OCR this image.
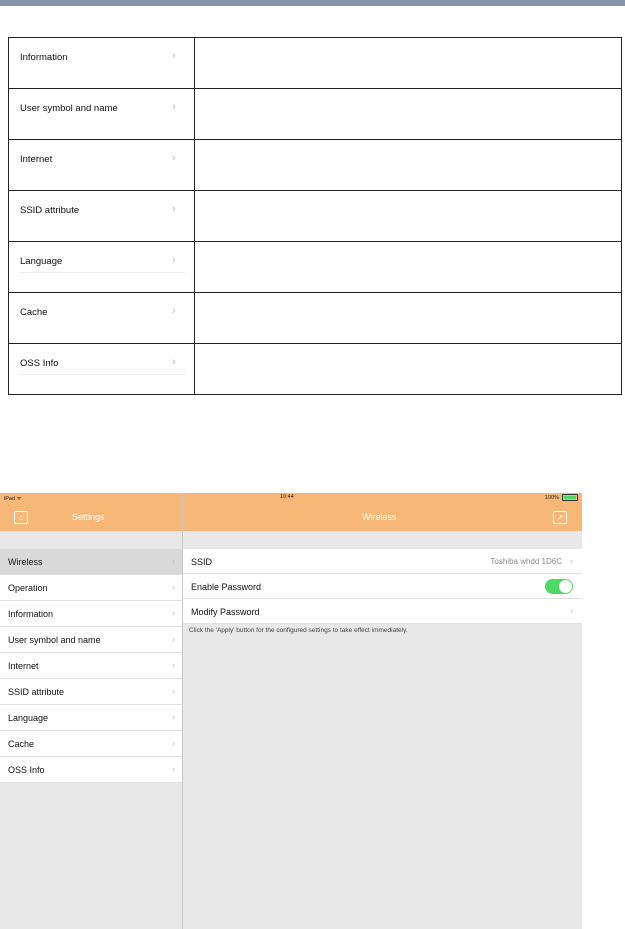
Information ›	

User symbol and name ›	

Internet ›	

SSID attribute ›	

Language ›	

Cache ›	

OSS Info ›	

iPad ᯤ	10:44	100%
⌂	Settings	Wireless	↗
Wireless	›
Operation	›
Information	›
User symbol and name	›
Internet	›
SSID attribute	›
Language	›
Cache	›
OSS Info	›
SSID	Toshiba whdd 1D6C ›
Enable Password
Modify Password	›
Click the 'Apply' button for the configured settings to take effect immediately.
